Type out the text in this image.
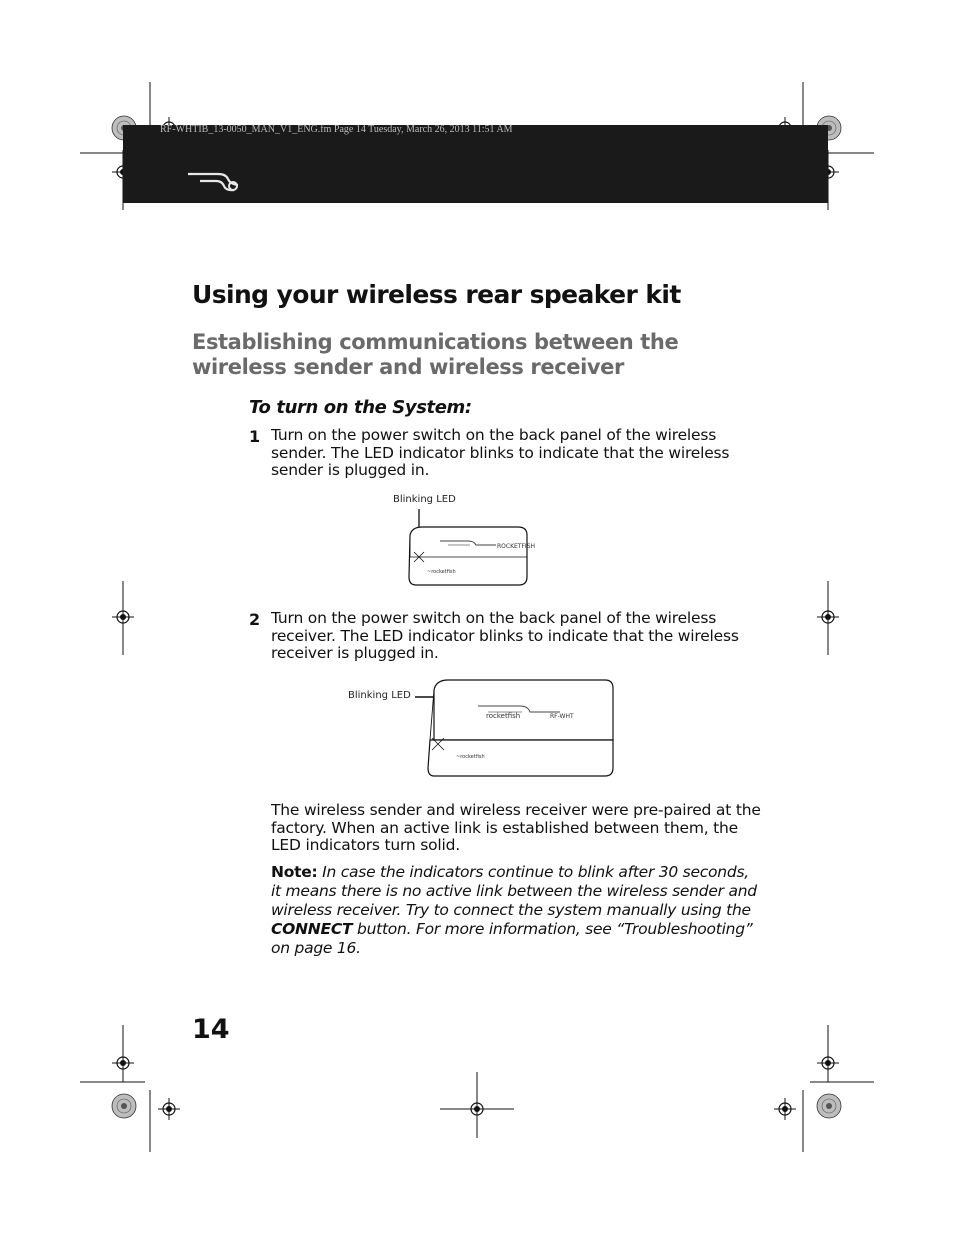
RF-WHTIB_13-0050_MAN_V1_ENG.fm Page 14 Tuesday, March 26, 2013 11:51 AM
Using your wireless rear speaker kit
Establishing communications between the wireless sender and wireless receiver
To turn on the System:
1 Turn on the power switch on the back panel of the wireless sender. The LED indicator blinks to indicate that the wireless sender is plugged in.
Blinking LED
ROCKETFISH
~rocketfish
2 Turn on the power switch on the back panel of the wireless receiver. The LED indicator blinks to indicate that the wireless receiver is plugged in.
Blinking LED
rocketfish	RF-WHT
~rocketfish
The wireless sender and wireless receiver were pre-paired at the factory. When an active link is established between them, the LED indicators turn solid.
Note: In case the indicators continue to blink after 30 seconds, it means there is no active link between the wireless sender and wireless receiver. Try to connect the system manually using the CONNECT button. For more information, see “Troubleshooting” on page 16.
14
